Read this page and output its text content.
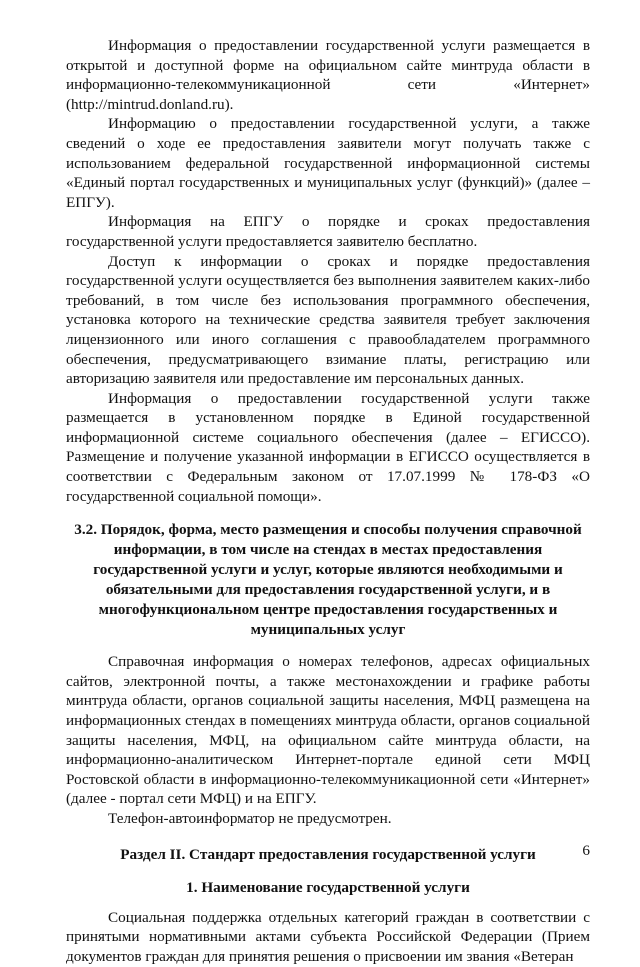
Информация о предоставлении государственной услуги размещается в открытой и доступной форме на официальном сайте минтруда области в информационно-телекоммуникационной сети «Интернет» (http://mintrud.donland.ru).

Информацию о предоставлении государственной услуги, а также сведений о ходе ее предоставления заявители могут получать также с использованием федеральной государственной информационной системы «Единый портал государственных и муниципальных услуг (функций)» (далее – ЕПГУ).

Информация на ЕПГУ о порядке и сроках предоставления государственной услуги предоставляется заявителю бесплатно.

Доступ к информации о сроках и порядке предоставления государственной услуги осуществляется без выполнения заявителем каких-либо требований, в том числе без использования программного обеспечения, установка которого на технические средства заявителя требует заключения лицензионного или иного соглашения с правообладателем программного обеспечения, предусматривающего взимание платы, регистрацию или авторизацию заявителя или предоставление им персональных данных.

Информация о предоставлении государственной услуги также размещается в установленном порядке в Единой государственной информационной системе социального обеспечения (далее – ЕГИССО). Размещение и получение указанной информации в ЕГИССО осуществляется в соответствии с Федеральным законом от 17.07.1999 № 178-ФЗ «О государственной социальной помощи».

3.2. Порядок, форма, место размещения и способы получения справочной информации, в том числе на стендах в местах предоставления государственной услуги и услуг, которые являются необходимыми и обязательными для предоставления государственной услуги, и в многофункциональном центре предоставления государственных и муниципальных услуг

Справочная информация о номерах телефонов, адресах официальных сайтов, электронной почты, а также местонахождении и графике работы минтруда области, органов социальной защиты населения, МФЦ размещена на информационных стендах в помещениях минтруда области, органов социальной защиты населения, МФЦ, на официальном сайте минтруда области, на информационно-аналитическом Интернет-портале единой сети МФЦ Ростовской области в информационно-телекоммуникационной сети «Интернет» (далее - портал сети МФЦ) и на ЕПГУ.

Телефон-автоинформатор не предусмотрен.

Раздел II. Стандарт предоставления государственной услуги
1. Наименование государственной услуги

Социальная поддержка отдельных категорий граждан в соответствии с принятыми нормативными актами субъекта Российской Федерации (Прием документов граждан для принятия решения о присвоении им звания «Ветеран

6
